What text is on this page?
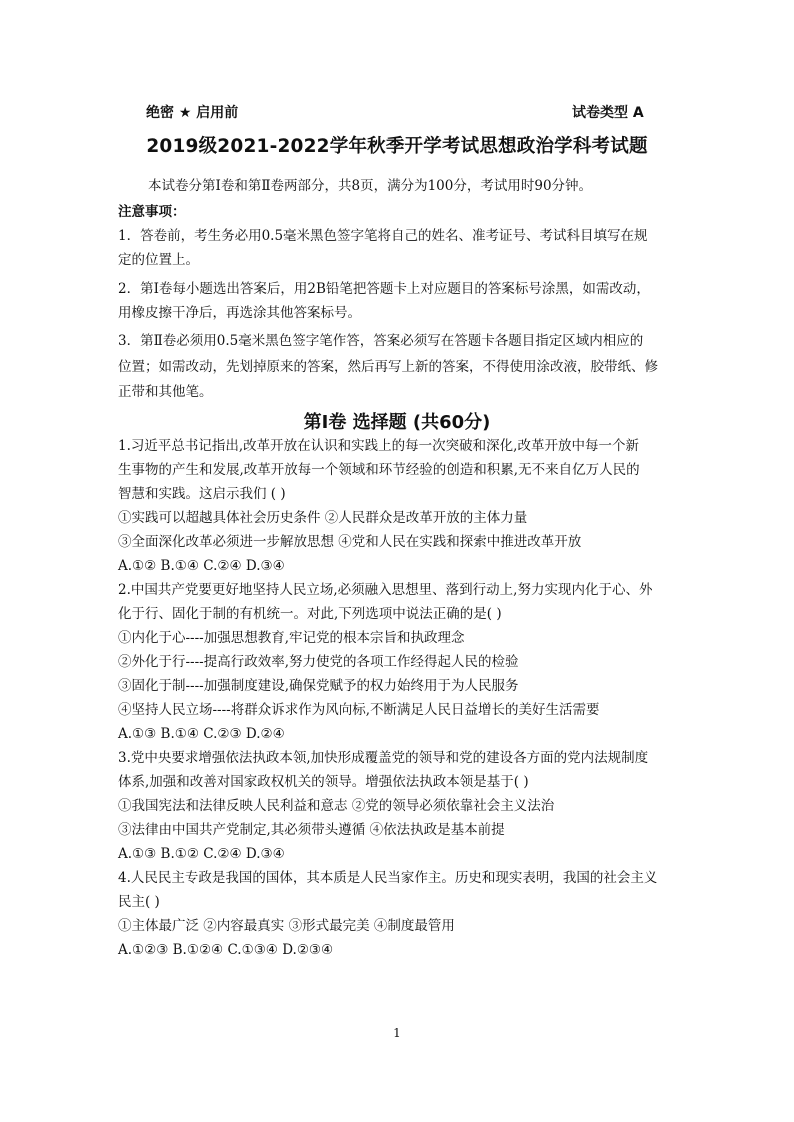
绝密 ★ 启用前	试卷类型 A
2019级2021-2022学年秋季开学考试思想政治学科考试题
本试卷分第Ⅰ卷和第Ⅱ卷两部分，共8页，满分为100分，考试用时90分钟。
注意事项：
1．答卷前，考生务必用0.5毫米黑色签字笔将自己的姓名、准考证号、考试科目填写在规
定的位置上。
2．第Ⅰ卷每小题选出答案后，用2B铅笔把答题卡上对应题目的答案标号涂黑，如需改动，
用橡皮擦干净后，再选涂其他答案标号。
3．第Ⅱ卷必须用0.5毫米黑色签字笔作答，答案必须写在答题卡各题目指定区域内相应的
位置；如需改动，先划掉原来的答案，然后再写上新的答案，不得使用涂改液，胶带纸、修
正带和其他笔。
第Ⅰ卷 选择题 (共60分)
1.习近平总书记指出,改革开放在认识和实践上的每一次突破和深化,改革开放中每一个新
生事物的产生和发展,改革开放每一个领域和环节经验的创造和积累,无不来自亿万人民的
智慧和实践。这启示我们 ( )
①实践可以超越具体社会历史条件 ②人民群众是改革开放的主体力量
③全面深化改革必须进一步解放思想 ④党和人民在实践和探索中推进改革开放
A.①② B.①④ C.②④ D.③④
2.中国共产党要更好地坚持人民立场,必须融入思想里、落到行动上,努力实现内化于心、外
化于行、固化于制的有机统一。对此,下列选项中说法正确的是( )
①内化于心----加强思想教育,牢记党的根本宗旨和执政理念
②外化于行----提高行政效率,努力使党的各项工作经得起人民的检验
③固化于制----加强制度建设,确保党赋予的权力始终用于为人民服务
④坚持人民立场----将群众诉求作为风向标,不断满足人民日益增长的美好生活需要
A.①③ B.①④ C.②③ D.②④
3.党中央要求增强依法执政本领,加快形成覆盖党的领导和党的建设各方面的党内法规制度
体系,加强和改善对国家政权机关的领导。增强依法执政本领是基于( )
①我国宪法和法律反映人民利益和意志 ②党的领导必须依靠社会主义法治
③法律由中国共产党制定,其必须带头遵循 ④依法执政是基本前提
A.①③ B.①② C.②④ D.③④
4.人民民主专政是我国的国体，其本质是人民当家作主。历史和现实表明，我国的社会主义
民主( )
①主体最广泛 ②内容最真实 ③形式最完美 ④制度最管用
A.①②③ B.①②④ C.①③④ D.②③④
1
